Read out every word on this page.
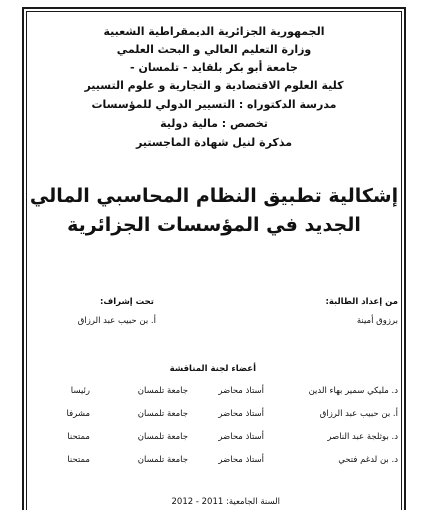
الجمهورية الجزائرية الديمقراطية الشعبية
وزارة التعليم العالي و البحث العلمي
جامعة أبو بكر بلقايد - تلمسان -
كلية العلوم الاقتصادية و التجارية و علوم التسيير
مدرسة الدكتوراه : التسيير الدولي للمؤسسات
تخصص : مالية دولية
مذكرة لنيل شهادة الماجستير
إشكالية تطبيق النظام المحاسبي المالي
الجديد في المؤسسات الجزائرية
من إعداد الطالبة:
برزوق أمينة
تحت إشراف:
أ. بن حبيب عبد الرزاق
أعضاء لجنة المناقشة
د. مليكي سمير بهاء الدين
أستاذ محاضر
جامعة تلمسان
رئيسا
أ. بن حبيب عبد الرزاق
أستاذ محاضر
جامعة تلمسان
مشرفا
د. بوثلجة عبد الناصر
أستاذ محاضر
جامعة تلمسان
ممتحنا
د. بن لدغم فتحي
أستاذ محاضر
جامعة تلمسان
ممتحنا
السنة الجامعية: 2011 - 2012
